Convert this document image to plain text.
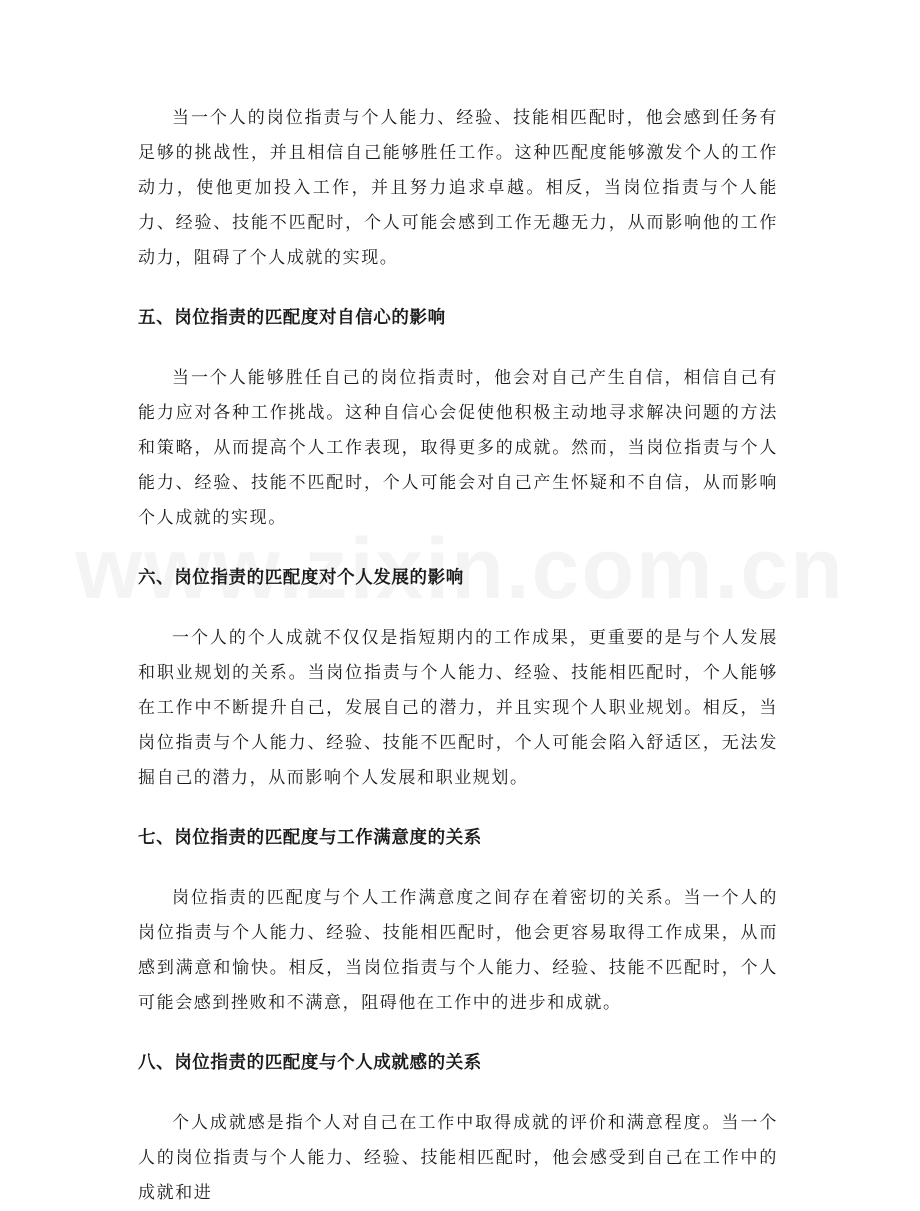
当一个人的岗位指责与个人能力、经验、技能相匹配时，他会感到任务有足够的挑战性，并且相信自己能够胜任工作。这种匹配度能够激发个人的工作动力，使他更加投入工作，并且努力追求卓越。相反，当岗位指责与个人能力、经验、技能不匹配时，个人可能会感到工作无趣无力，从而影响他的工作动力，阻碍了个人成就的实现。

五、岗位指责的匹配度对自信心的影响

当一个人能够胜任自己的岗位指责时，他会对自己产生自信，相信自己有能力应对各种工作挑战。这种自信心会促使他积极主动地寻求解决问题的方法和策略，从而提高个人工作表现，取得更多的成就。然而，当岗位指责与个人能力、经验、技能不匹配时，个人可能会对自己产生怀疑和不自信，从而影响个人成就的实现。

六、岗位指责的匹配度对个人发展的影响

一个人的个人成就不仅仅是指短期内的工作成果，更重要的是与个人发展和职业规划的关系。当岗位指责与个人能力、经验、技能相匹配时，个人能够在工作中不断提升自己，发展自己的潜力，并且实现个人职业规划。相反，当岗位指责与个人能力、经验、技能不匹配时，个人可能会陷入舒适区，无法发掘自己的潜力，从而影响个人发展和职业规划。

七、岗位指责的匹配度与工作满意度的关系

岗位指责的匹配度与个人工作满意度之间存在着密切的关系。当一个人的岗位指责与个人能力、经验、技能相匹配时，他会更容易取得工作成果，从而感到满意和愉快。相反，当岗位指责与个人能力、经验、技能不匹配时，个人可能会感到挫败和不满意，阻碍他在工作中的进步和成就。

八、岗位指责的匹配度与个人成就感的关系

个人成就感是指个人对自己在工作中取得成就的评价和满意程度。当一个人的岗位指责与个人能力、经验、技能相匹配时，他会感受到自己在工作中的成就和进
